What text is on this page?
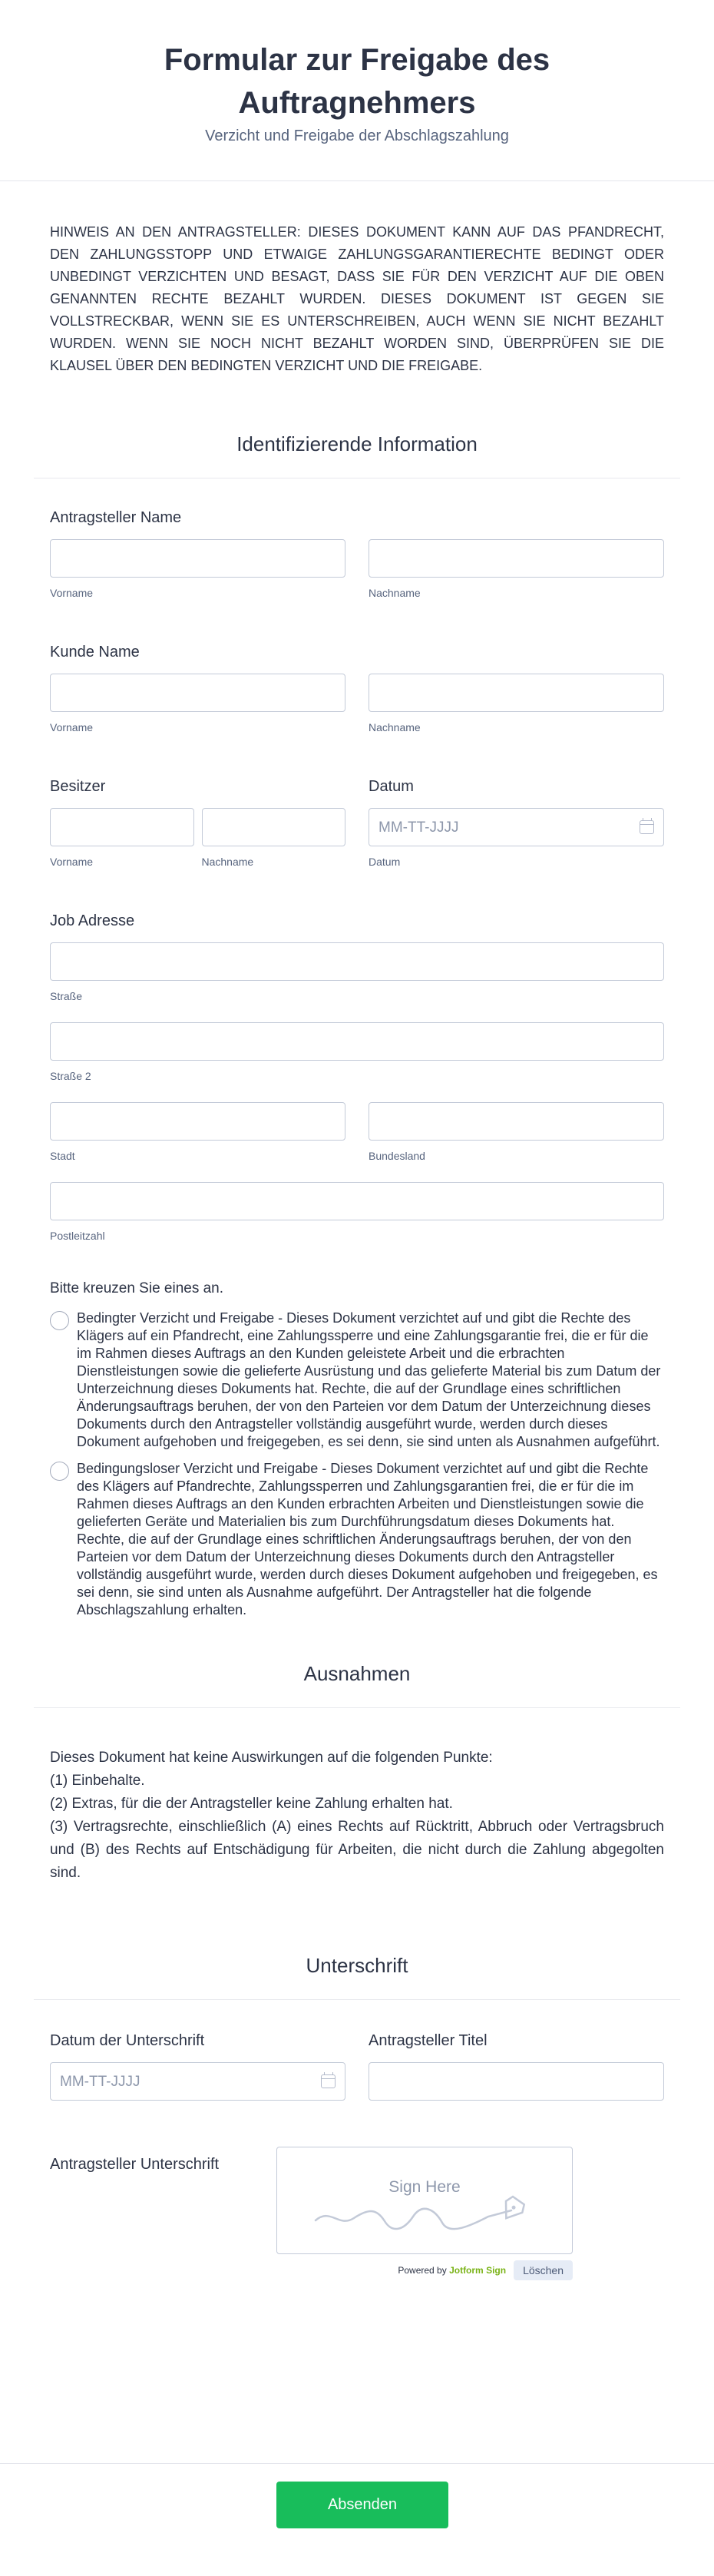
Formular zur Freigabe des Auftragnehmers
Verzicht und Freigabe der Abschlagszahlung
HINWEIS AN DEN ANTRAGSTELLER: DIESES DOKUMENT KANN AUF DAS PFANDRECHT, DEN ZAHLUNGSSTOPP UND ETWAIGE ZAHLUNGSGARANTIERECHTE BEDINGT ODER UNBEDINGT VERZICHTEN UND BESAGT, DASS SIE FÜR DEN VERZICHT AUF DIE OBEN GENANNTEN RECHTE BEZAHLT WURDEN. DIESES DOKUMENT IST GEGEN SIE VOLLSTRECKBAR, WENN SIE ES UNTERSCHREIBEN, AUCH WENN SIE NICHT BEZAHLT WURDEN. WENN SIE NOCH NICHT BEZAHLT WORDEN SIND, ÜBERPRÜFEN SIE DIE KLAUSEL ÜBER DEN BEDINGTEN VERZICHT UND DIE FREIGABE.
Identifizierende Information
Antragsteller Name
Vorname	Nachname
Kunde Name
Vorname	Nachname
Besitzer
Vorname	Nachname
Datum
MM-TT-JJJJ
Datum
Job Adresse
Straße
Straße 2
Stadt	Bundesland
Postleitzahl
Bitte kreuzen Sie eines an.
Bedingter Verzicht und Freigabe - Dieses Dokument verzichtet auf und gibt die Rechte des Klägers auf ein Pfandrecht, eine Zahlungssperre und eine Zahlungsgarantie frei, die er für die im Rahmen dieses Auftrags an den Kunden geleistete Arbeit und die erbrachten Dienstleistungen sowie die gelieferte Ausrüstung und das gelieferte Material bis zum Datum der Unterzeichnung dieses Dokuments hat. Rechte, die auf der Grundlage eines schriftlichen Änderungsauftrags beruhen, der von den Parteien vor dem Datum der Unterzeichnung dieses Dokuments durch den Antragsteller vollständig ausgeführt wurde, werden durch dieses Dokument aufgehoben und freigegeben, es sei denn, sie sind unten als Ausnahmen aufgeführt.
Bedingungsloser Verzicht und Freigabe - Dieses Dokument verzichtet auf und gibt die Rechte des Klägers auf Pfandrechte, Zahlungssperren und Zahlungsgarantien frei, die er für die im Rahmen dieses Auftrags an den Kunden erbrachten Arbeiten und Dienstleistungen sowie die gelieferten Geräte und Materialien bis zum Durchführungsdatum dieses Dokuments hat. Rechte, die auf der Grundlage eines schriftlichen Änderungsauftrags beruhen, der von den Parteien vor dem Datum der Unterzeichnung dieses Dokuments durch den Antragsteller vollständig ausgeführt wurde, werden durch dieses Dokument aufgehoben und freigegeben, es sei denn, sie sind unten als Ausnahme aufgeführt. Der Antragsteller hat die folgende Abschlagszahlung erhalten.
Ausnahmen

Dieses Dokument hat keine Auswirkungen auf die folgenden Punkte:

(1) Einbehalte.

(2) Extras, für die der Antragsteller keine Zahlung erhalten hat.

(3) Vertragsrechte, einschließlich (A) eines Rechts auf Rücktritt, Abbruch oder Vertragsbruch und (B) des Rechts auf Entschädigung für Arbeiten, die nicht durch die Zahlung abgegolten sind.

Unterschrift
Datum der Unterschrift
MM-TT-JJJJ
Antragsteller Titel
Antragsteller Unterschrift
Sign Here
Powered by Jotform Sign	Löschen
Absenden
